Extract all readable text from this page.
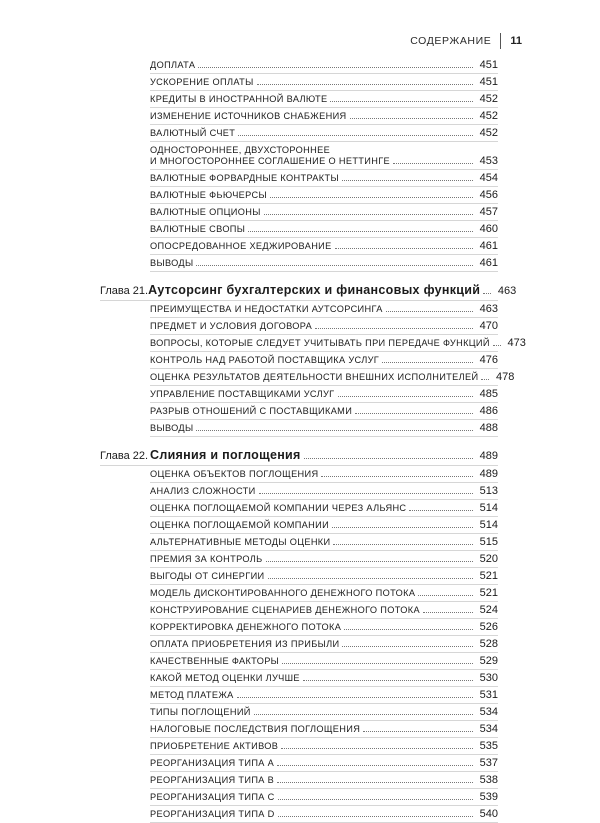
СОДЕРЖАНИЕ 11
ДОПЛАТА	451
УСКОРЕНИЕ ОПЛАТЫ	451
КРЕДИТЫ В ИНОСТРАННОЙ ВАЛЮТЕ	452
ИЗМЕНЕНИЕ ИСТОЧНИКОВ СНАБЖЕНИЯ	452
ВАЛЮТНЫЙ СЧЕТ	452
ОДНОСТОРОННЕЕ, ДВУХСТОРОННЕЕ
И МНОГОСТОРОННЕЕ СОГЛАШЕНИЕ О НЕТТИНГЕ	453
ВАЛЮТНЫЕ ФОРВАРДНЫЕ КОНТРАКТЫ	454
ВАЛЮТНЫЕ ФЬЮЧЕРСЫ	456
ВАЛЮТНЫЕ ОПЦИОНЫ	457
ВАЛЮТНЫЕ СВОПЫ	460
ОПОСРЕДОВАННОЕ ХЕДЖИРОВАНИЕ	461
ВЫВОДЫ	461
Глава 21. Аутсорсинг бухгалтерских и финансовых функций	463
ПРЕИМУЩЕСТВА И НЕДОСТАТКИ АУТСОРСИНГА	463
ПРЕДМЕТ И УСЛОВИЯ ДОГОВОРА	470
ВОПРОСЫ, КОТОРЫЕ СЛЕДУЕТ УЧИТЫВАТЬ ПРИ ПЕРЕДАЧЕ ФУНКЦИЙ	473
КОНТРОЛЬ НАД РАБОТОЙ ПОСТАВЩИКА УСЛУГ	476
ОЦЕНКА РЕЗУЛЬТАТОВ ДЕЯТЕЛЬНОСТИ ВНЕШНИХ ИСПОЛНИТЕЛЕЙ	478
УПРАВЛЕНИЕ ПОСТАВЩИКАМИ УСЛУГ	485
РАЗРЫВ ОТНОШЕНИЙ С ПОСТАВЩИКАМИ	486
ВЫВОДЫ	488
Глава 22. Слияния и поглощения	489
ОЦЕНКА ОБЪЕКТОВ ПОГЛОЩЕНИЯ	489
АНАЛИЗ СЛОЖНОСТИ	513
ОЦЕНКА ПОГЛОЩАЕМОЙ КОМПАНИИ ЧЕРЕЗ АЛЬЯНС	514
ОЦЕНКА ПОГЛОЩАЕМОЙ КОМПАНИИ	514
АЛЬТЕРНАТИВНЫЕ МЕТОДЫ ОЦЕНКИ	515
ПРЕМИЯ ЗА КОНТРОЛЬ	520
ВЫГОДЫ ОТ СИНЕРГИИ	521
МОДЕЛЬ ДИСКОНТИРОВАННОГО ДЕНЕЖНОГО ПОТОКА	521
КОНСТРУИРОВАНИЕ СЦЕНАРИЕВ ДЕНЕЖНОГО ПОТОКА	524
КОРРЕКТИРОВКА ДЕНЕЖНОГО ПОТОКА	526
ОПЛАТА ПРИОБРЕТЕНИЯ ИЗ ПРИБЫЛИ	528
КАЧЕСТВЕННЫЕ ФАКТОРЫ	529
КАКОЙ МЕТОД ОЦЕНКИ ЛУЧШЕ	530
МЕТОД ПЛАТЕЖА	531
ТИПЫ ПОГЛОЩЕНИЙ	534
НАЛОГОВЫЕ ПОСЛЕДСТВИЯ ПОГЛОЩЕНИЯ	534
ПРИОБРЕТЕНИЕ АКТИВОВ	535
РЕОРГАНИЗАЦИЯ ТИПА A	537
РЕОРГАНИЗАЦИЯ ТИПА B	538
РЕОРГАНИЗАЦИЯ ТИПА C	539
РЕОРГАНИЗАЦИЯ ТИПА D	540
